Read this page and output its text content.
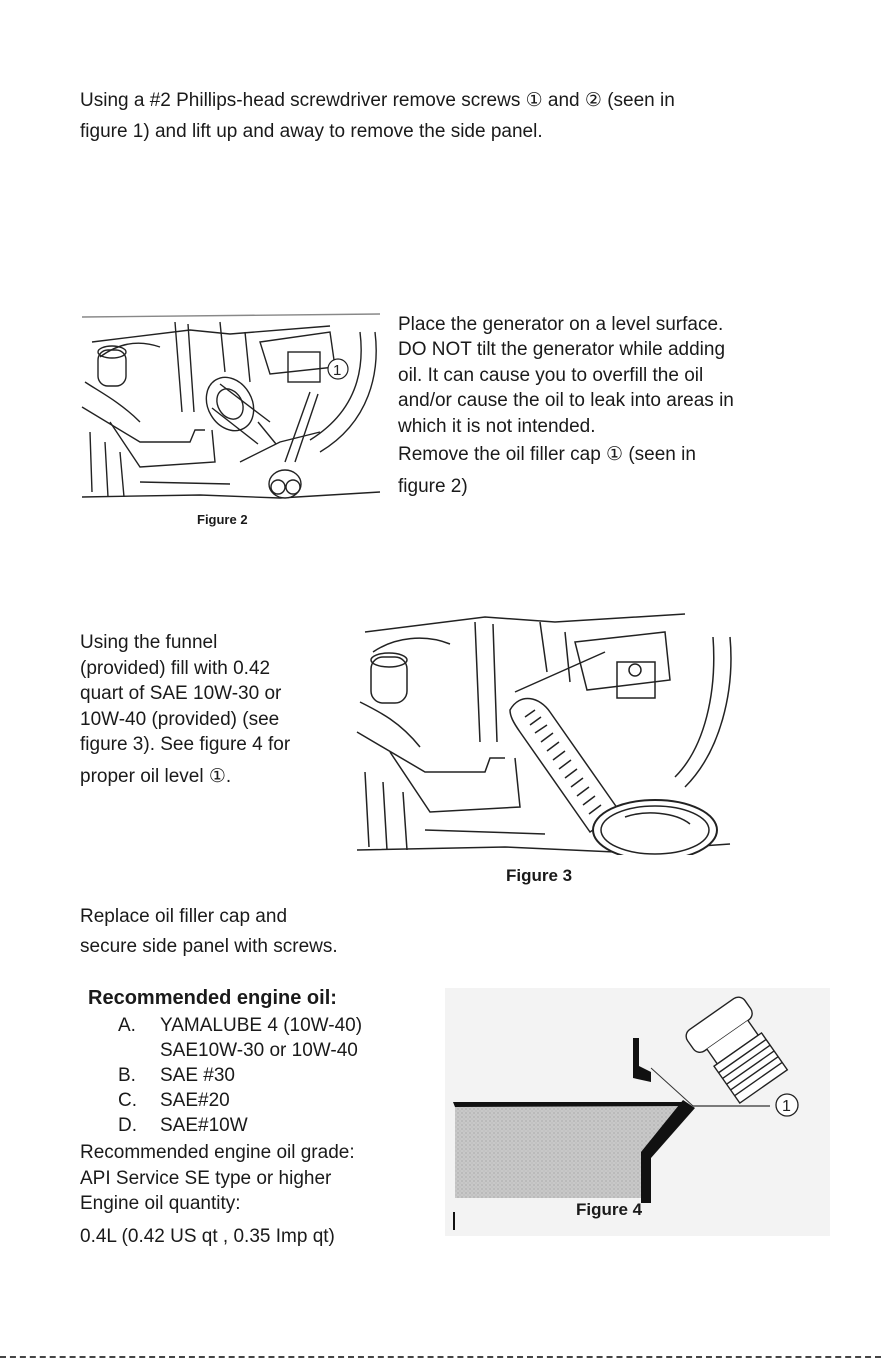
Using a #2 Phillips-head screwdriver remove screws ① and ② (seen in
figure 1) and lift up and away to remove the side panel.
1
Figure 2
Place the generator on a level surface.
DO NOT tilt the generator while adding
oil. It can cause you to overfill the oil
and/or cause the oil to leak into areas in
which it is not intended.
Remove the oil filler cap ① (seen in
figure 2)
Using the funnel
(provided) fill with 0.42
quart of SAE 10W-30 or
10W-40 (provided) (see
figure 3). See figure 4 for
proper oil level ①.
Figure 3
Replace oil filler cap and
secure side panel with screws.
Recommended engine oil:
A. YAMALUBE 4 (10W-40)
SAE10W-30 or 10W-40
B. SAE #30
C. SAE#20
D. SAE#10W
Recommended engine oil grade:
API Service SE type or higher
Engine oil quantity:
0.4L (0.42 US qt , 0.35 Imp qt)
1
Figure 4
